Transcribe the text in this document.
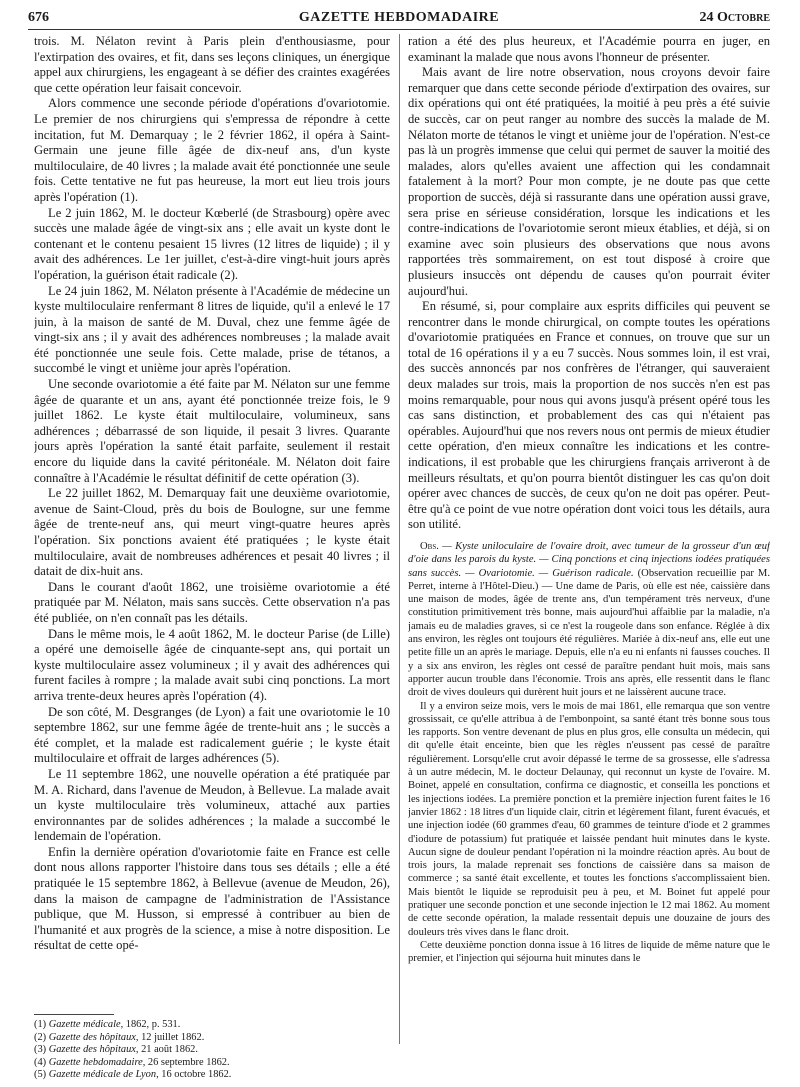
676	GAZETTE HEBDOMADAIRE	24 Octobre

trois. M. Nélaton revint à Paris plein d'enthousiasme, pour l'extirpation des ovaires, et fit, dans ses leçons cliniques, un énergique appel aux chirurgiens, les engageant à se défier des craintes exagérées que cette opération leur faisait concevoir.

Alors commence une seconde période d'opérations d'ovariotomie. Le premier de nos chirurgiens qui s'empressa de répondre à cette incitation, fut M. Demarquay ; le 2 février 1862, il opéra à Saint-Germain une jeune fille âgée de dix-neuf ans, d'un kyste multiloculaire, de 40 livres ; la malade avait été ponctionnée une seule fois. Cette tentative ne fut pas heureuse, la mort eut lieu trois jours après l'opération (1).

Le 2 juin 1862, M. le docteur Kœberlé (de Strasbourg) opère avec succès une malade âgée de vingt-six ans ; elle avait un kyste dont le contenant et le contenu pesaient 15 livres (12 litres de liquide) ; il y avait des adhérences. Le 1er juillet, c'est-à-dire vingt-huit jours après l'opération, la guérison était radicale (2).

Le 24 juin 1862, M. Nélaton présente à l'Académie de médecine un kyste multiloculaire renfermant 8 litres de liquide, qu'il a enlevé le 17 juin, à la maison de santé de M. Duval, chez une femme âgée de vingt-six ans ; il y avait des adhérences nombreuses ; la malade avait été ponctionnée une seule fois. Cette malade, prise de tétanos, a succombé le vingt et unième jour après l'opération.

Une seconde ovariotomie a été faite par M. Nélaton sur une femme âgée de quarante et un ans, ayant été ponctionnée treize fois, le 9 juillet 1862. Le kyste était multiloculaire, volumineux, sans adhérences ; débarrassé de son liquide, il pesait 3 livres. Quarante jours après l'opération la santé était parfaite, seulement il restait encore du liquide dans la cavité péritonéale. M. Nélaton doit faire connaître à l'Académie le résultat définitif de cette opération (3).

Le 22 juillet 1862, M. Demarquay fait une deuxième ovariotomie, avenue de Saint-Cloud, près du bois de Boulogne, sur une femme âgée de trente-neuf ans, qui meurt vingt-quatre heures après l'opération. Six ponctions avaient été pratiquées ; le kyste était multiloculaire, avait de nombreuses adhérences et pesait 40 livres ; il datait de dix-huit ans.

Dans le courant d'août 1862, une troisième ovariotomie a été pratiquée par M. Nélaton, mais sans succès. Cette observation n'a pas été publiée, on n'en connaît pas les détails.

Dans le même mois, le 4 août 1862, M. le docteur Parise (de Lille) a opéré une demoiselle âgée de cinquante-sept ans, qui portait un kyste multiloculaire assez volumineux ; il y avait des adhérences qui furent faciles à rompre ; la malade avait subi cinq ponctions. La mort arriva trente-deux heures après l'opération (4).

De son côté, M. Desgranges (de Lyon) a fait une ovariotomie le 10 septembre 1862, sur une femme âgée de trente-huit ans ; le succès a été complet, et la malade est radicalement guérie ; le kyste était multiloculaire et offrait de larges adhérences (5).

Le 11 septembre 1862, une nouvelle opération a été pratiquée par M. A. Richard, dans l'avenue de Meudon, à Bellevue. La malade avait un kyste multiloculaire très volumineux, attaché aux parties environnantes par de solides adhérences ; la malade a succombé le lendemain de l'opération.

Enfin la dernière opération d'ovariotomie faite en France est celle dont nous allons rapporter l'histoire dans tous ses détails ; elle a été pratiquée le 15 septembre 1862, à Bellevue (avenue de Meudon, 26), dans la maison de campagne de l'administration de l'Assistance publique, que M. Husson, si empressé à contribuer au bien de l'humanité et aux progrès de la science, a mise à notre disposition. Le résultat de cette opé-

(1) Gazette médicale, 1862, p. 531.

(2) Gazette des hôpitaux, 12 juillet 1862.

(3) Gazette des hôpitaux, 21 août 1862.

(4) Gazette hebdomadaire, 26 septembre 1862.

(5) Gazette médicale de Lyon, 16 octobre 1862.

ration a été des plus heureux, et l'Académie pourra en juger, en examinant la malade que nous avons l'honneur de présenter.

Mais avant de lire notre observation, nous croyons devoir faire remarquer que dans cette seconde période d'extirpation des ovaires, sur dix opérations qui ont été pratiquées, la moitié à peu près a été suivie de succès, car on peut ranger au nombre des succès la malade de M. Nélaton morte de tétanos le vingt et unième jour de l'opération. N'est-ce pas là un progrès immense que celui qui permet de sauver la moitié des malades, alors qu'elles avaient une affection qui les condamnait fatalement à la mort? Pour mon compte, je ne doute pas que cette proportion de succès, déjà si rassurante dans une opération aussi grave, sera prise en sérieuse considération, lorsque les indications et les contre-indications de l'ovariotomie seront mieux établies, et déjà, si on examine avec soin plusieurs des observations que nous avons rapportées très sommairement, on est tout disposé à croire que plusieurs insuccès ont dépendu de causes qu'on pourrait éviter aujourd'hui.

En résumé, si, pour complaire aux esprits difficiles qui peuvent se rencontrer dans le monde chirurgical, on compte toutes les opérations d'ovariotomie pratiquées en France et connues, on trouve que sur un total de 16 opérations il y a eu 7 succès. Nous sommes loin, il est vrai, des succès annoncés par nos confrères de l'étranger, qui sauveraient deux malades sur trois, mais la proportion de nos succès n'en est pas moins remarquable, pour nous qui avons jusqu'à présent opéré tous les cas sans distinction, et probablement des cas qui n'étaient pas opérables. Aujourd'hui que nos revers nous ont permis de mieux étudier cette opération, d'en mieux connaître les indications et les contre-indications, il est probable que les chirurgiens français arriveront à de meilleurs résultats, et qu'on pourra bientôt distinguer les cas qu'on doit opérer avec chances de succès, de ceux qu'on ne doit pas opérer. Peut-être qu'à ce point de vue notre opération dont voici tous les détails, aura son utilité.

Obs. — Kyste uniloculaire de l'ovaire droit, avec tumeur de la grosseur d'un œuf d'oie dans les parois du kyste. — Cinq ponctions et cinq injections iodées pratiquées sans succès. — Ovariotomie. — Guérison radicale. (Observation recueillie par M. Perret, interne à l'Hôtel-Dieu.) — Une dame de Paris, où elle est née, caissière dans une maison de modes, âgée de trente ans, d'un tempérament très nerveux, d'une constitution primitivement très bonne, mais aujourd'hui affaiblie par la maladie, n'a jamais eu de maladies graves, si ce n'est la rougeole dans son enfance. Réglée à dix ans environ, les règles ont toujours été régulières. Mariée à dix-neuf ans, elle eut une petite fille un an après le mariage. Depuis, elle n'a eu ni enfants ni fausses couches. Il y a six ans environ, les règles ont cessé de paraître pendant huit mois, mais sans apporter aucun trouble dans l'économie. Trois ans après, elle ressentit dans le flanc droit de vives douleurs qui durèrent huit jours et ne laissèrent aucune trace.

Il y a environ seize mois, vers le mois de mai 1861, elle remarqua que son ventre grossissait, ce qu'elle attribua à de l'embonpoint, sa santé étant très bonne sous tous les rapports. Son ventre devenant de plus en plus gros, elle consulta un médecin, qui dit qu'elle était enceinte, bien que les règles n'eussent pas cessé de paraître régulièrement. Lorsqu'elle crut avoir dépassé le terme de sa grossesse, elle s'adressa à un autre médecin, M. le docteur Delaunay, qui reconnut un kyste de l'ovaire. M. Boinet, appelé en consultation, confirma ce diagnostic, et conseilla les ponctions et les injections iodées. La première ponction et la première injection furent faites le 16 janvier 1862 : 18 litres d'un liquide clair, citrin et légèrement filant, furent évacués, et une injection iodée (60 grammes d'eau, 60 grammes de teinture d'iode et 2 grammes d'iodure de potassium) fut pratiquée et laissée pendant huit minutes dans le kyste. Aucun signe de douleur pendant l'opération ni la moindre réaction après. Au bout de trois jours, la malade reprenait ses fonctions de caissière dans sa maison de commerce ; sa santé était excellente, et toutes les fonctions s'accomplissaient bien. Mais bientôt le liquide se reproduisit peu à peu, et M. Boinet fut appelé pour pratiquer une seconde ponction et une seconde injection le 12 mai 1862. Au moment de cette seconde opération, la malade ressentait depuis une douzaine de jours des douleurs très vives dans le flanc droit.

Cette deuxième ponction donna issue à 16 litres de liquide de même nature que le premier, et l'injection qui séjourna huit minutes dans le
